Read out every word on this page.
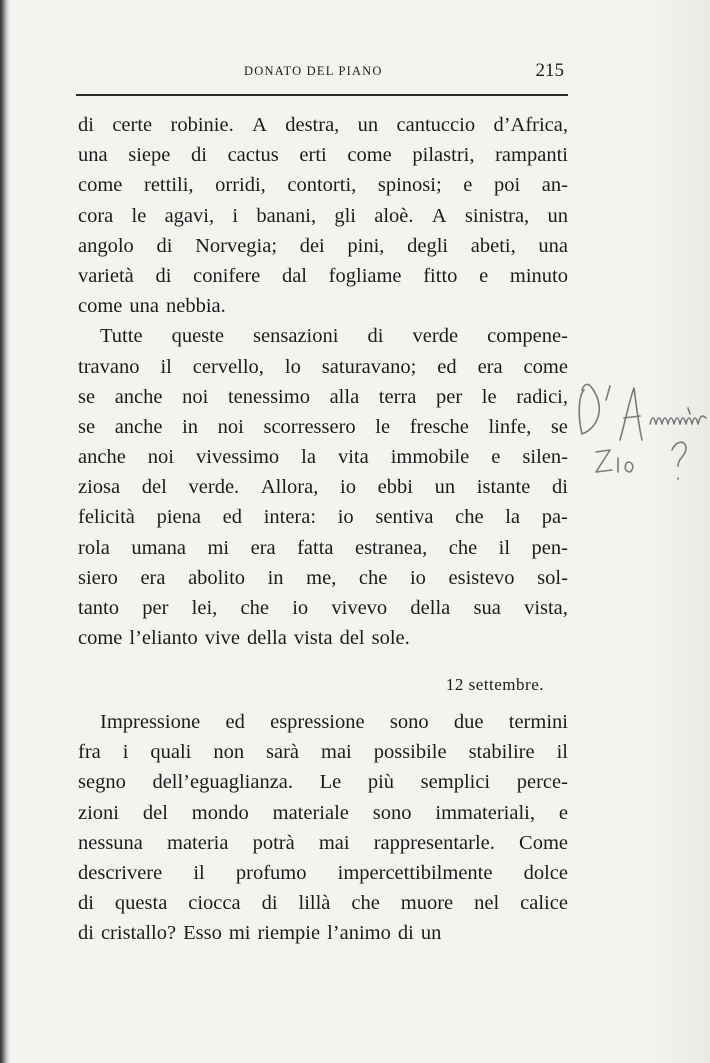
DONATO DEL PIANO	215
di certe robinie. A destra, un cantuccio d’Africa,
una siepe di cactus erti come pilastri, rampanti
come rettili, orridi, contorti, spinosi; e poi an-
cora le agavi, i banani, gli aloè. A sinistra, un
angolo di Norvegia; dei pini, degli abeti, una
varietà di conifere dal fogliame fitto e minuto
come una nebbia.
Tutte queste sensazioni di verde compene-
travano il cervello, lo saturavano; ed era come
se anche noi tenessimo alla terra per le radici,
se anche in noi scorressero le fresche linfe, se
anche noi vivessimo la vita immobile e silen-
ziosa del verde. Allora, io ebbi un istante di
felicità piena ed intera: io sentiva che la pa-
rola umana mi era fatta estranea, che il pen-
siero era abolito in me, che io esistevo sol-
tanto per lei, che io vivevo della sua vista,
come l’elianto vive della vista del sole.
12 settembre.
Impressione ed espressione sono due termini
fra i quali non sarà mai possibile stabilire il
segno dell’eguaglianza. Le più semplici perce-
zioni del mondo materiale sono immateriali, e
nessuna materia potrà mai rappresentarle. Come
descrivere il profumo impercettibilmente dolce
di questa ciocca di lillà che muore nel calice
di cristallo? Esso mi riempie l’animo di un
